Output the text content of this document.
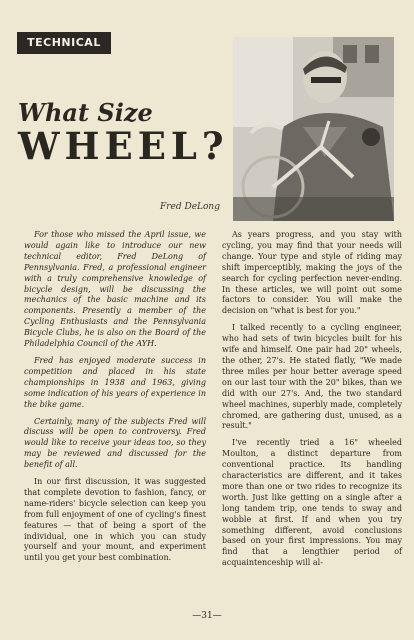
TECHNICAL
What Size
WHEEL?
Fred DeLong

For those who missed the April issue, we would again like to introduce our new technical editor, Fred DeLong of Pennsylvania. Fred, a professional engineer with a truly comprehensive knowledge of bicycle design, will be discussing the mechanics of the basic machine and its components. Presently a member of the Cycling Enthusiasts and the Pennsylvania Bicycle Clubs, he is also on the Board of the Philadelphia Council of the AYH.

Fred has enjoyed moderate success in competition and placed in his state championships in 1938 and 1963, giving some indication of his years of experience in the bike game.

Certainly, many of the subjects Fred will discuss will be open to controversy. Fred would like to receive your ideas too, so they may be reviewed and discussed for the benefit of all.

In our first discussion, it was suggested that complete devotion to fashion, fancy, or name-riders' bicycle selection can keep you from full enjoyment of one of cycling's finest features — that of being a sport of the individual, one in which you can study yourself and your mount, and experiment until you get your best combination.

As years progress, and you stay with cycling, you may find that your needs will change. Your type and style of riding may shift imperceptibly, making the joys of the search for cycling perfection never-ending. In these articles, we will point out some factors to consider. You will make the decision on "what is best for you."

I talked recently to a cycling engineer, who had sets of twin bicycles built for his wife and himself. One pair had 20" wheels, the other, 27's. He stated flatly, "We made three miles per hour better average speed on our last tour with the 20" bikes, than we did with our 27's. And, the two standard wheel machines, superbly made, completely chromed, are gathering dust, unused, as a result."

I've recently tried a 16" wheeled Moulton, a distinct departure from conventional practice. Its handling characteristics are different, and it takes more than one or two rides to recognize its worth. Just like getting on a single after a long tandem trip, one tends to sway and wobble at first. If and when you try something different, avoid conclusions based on your first impressions. You may find that a lengthier period of acquaintenceship will al-

—31—
